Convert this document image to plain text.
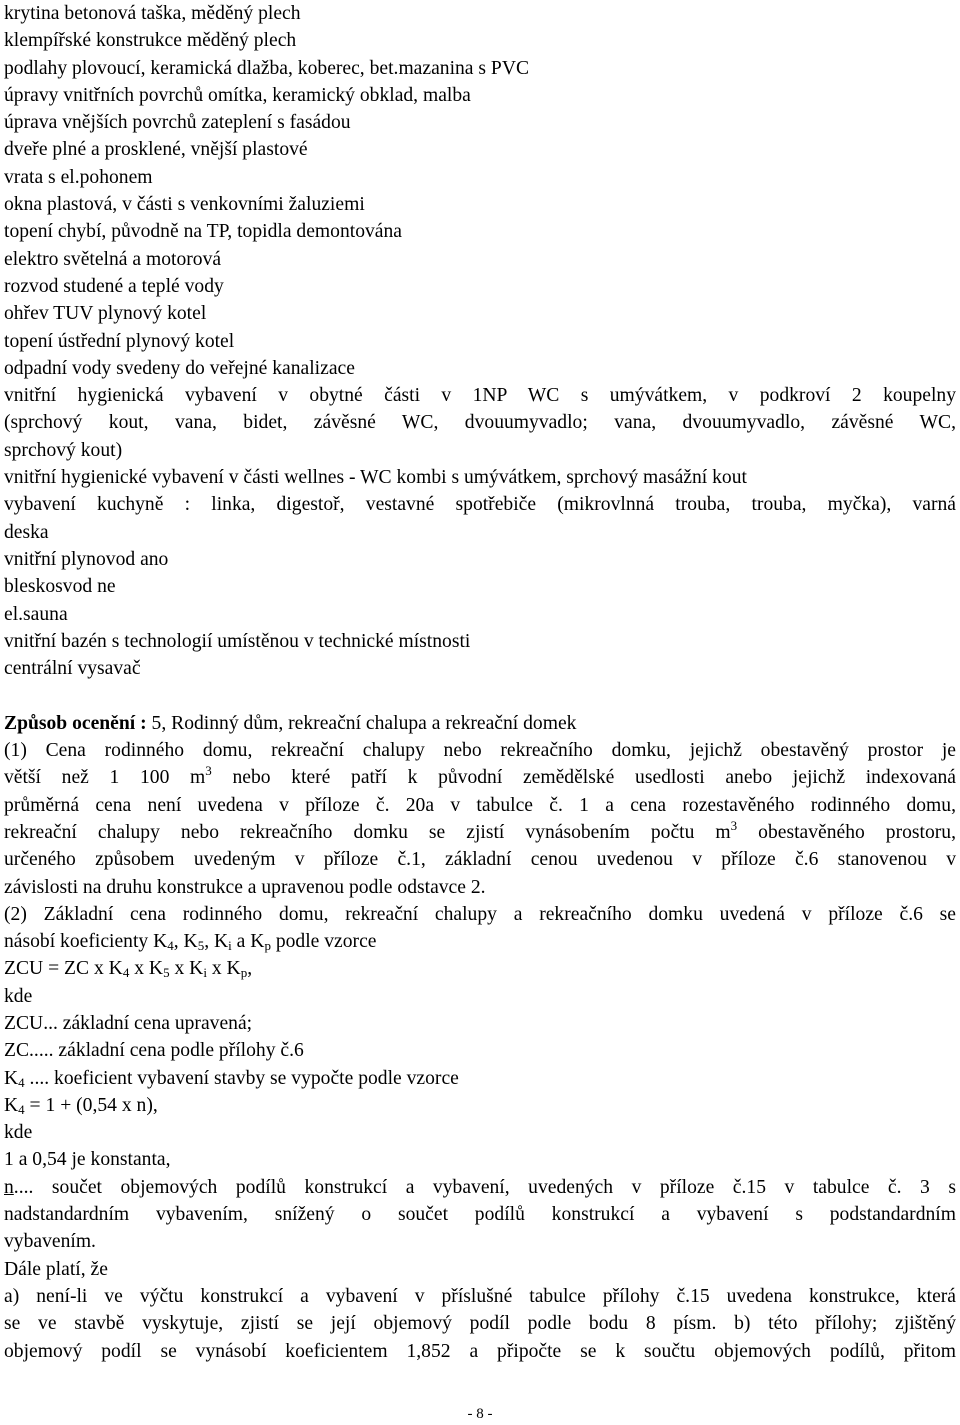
krytina betonová taška, měděný plech
klempířské konstrukce měděný plech
podlahy plovoucí, keramická dlažba, koberec, bet.mazanina s PVC
úpravy vnitřních povrchů omítka, keramický obklad, malba
úprava vnějších povrchů zateplení s fasádou
dveře plné a prosklené, vnější plastové
vrata s el.pohonem
okna plastová, v části s venkovními žaluziemi
topení chybí, původně na TP, topidla demontována
elektro světelná a motorová
rozvod studené a teplé vody
ohřev TUV plynový kotel
topení ústřední plynový kotel
odpadní vody svedeny do veřejné kanalizace
vnitřní hygienická vybavení v obytné části v 1NP WC s umývátkem, v podkroví 2 koupelny
(sprchový kout, vana, bidet, závěsné WC, dvouumyvadlo; vana, dvouumyvadlo, závěsné WC,
sprchový kout)
vnitřní hygienické vybavení v části wellnes - WC kombi s umývátkem, sprchový masážní kout
vybavení kuchyně : linka, digestoř, vestavné spotřebiče (mikrovlnná trouba, trouba, myčka), varná
deska
vnitřní plynovod ano
bleskosvod ne
el.sauna
vnitřní bazén s technologií umístěnou v technické místnosti
centrální vysavač
Způsob ocenění : 5, Rodinný dům, rekreační chalupa a rekreační domek
(1) Cena rodinného domu, rekreační chalupy nebo rekreačního domku, jejichž obestavěný prostor je
větší než 1 100 $m^3$ nebo které patří k původní zemědělské usedlosti anebo jejichž indexovaná
průměrná cena není uvedena v příloze č. 20a v tabulce č. 1 a cena rozestavěného rodinného domu,
rekreační chalupy nebo rekreačního domku se zjistí vynásobením počtu $m^3$ obestavěného prostoru,
určeného způsobem uvedeným v příloze č.1, základní cenou uvedenou v příloze č.6 stanovenou v
závislosti na druhu konstrukce a upravenou podle odstavce 2.
(2) Základní cena rodinného domu, rekreační chalupy a rekreačního domku uvedená v příloze č.6 se
násobí koeficienty $K_4$, $K_5$, $K_i$ a $K_p$ podle vzorce
ZCU = ZC x $K_4$ x $K_5$ x $K_i$ x $K_p$,
kde
ZCU... základní cena upravená;
ZC..... základní cena podle přílohy č.6
$K_4$ .... koeficient vybavení stavby se vypočte podle vzorce
$K_4 = 1 + (0,54$ x n),
kde
1 a 0,54 je konstanta,
n.... součet objemových podílů konstrukcí a vybavení, uvedených v příloze č.15 v tabulce č. 3 s
nadstandardním vybavením, snížený o součet podílů konstrukcí a vybavení s podstandardním
vybavením.
Dále platí, že
a) není-li ve výčtu konstrukcí a vybavení v příslušné tabulce přílohy č.15 uvedena konstrukce, která
se ve stavbě vyskytuje, zjistí se její objemový podíl podle bodu 8 písm. b) této přílohy; zjištěný
objemový podíl se vynásobí koeficientem 1,852 a připočte se k součtu objemových podílů, přitom
- 8 -
